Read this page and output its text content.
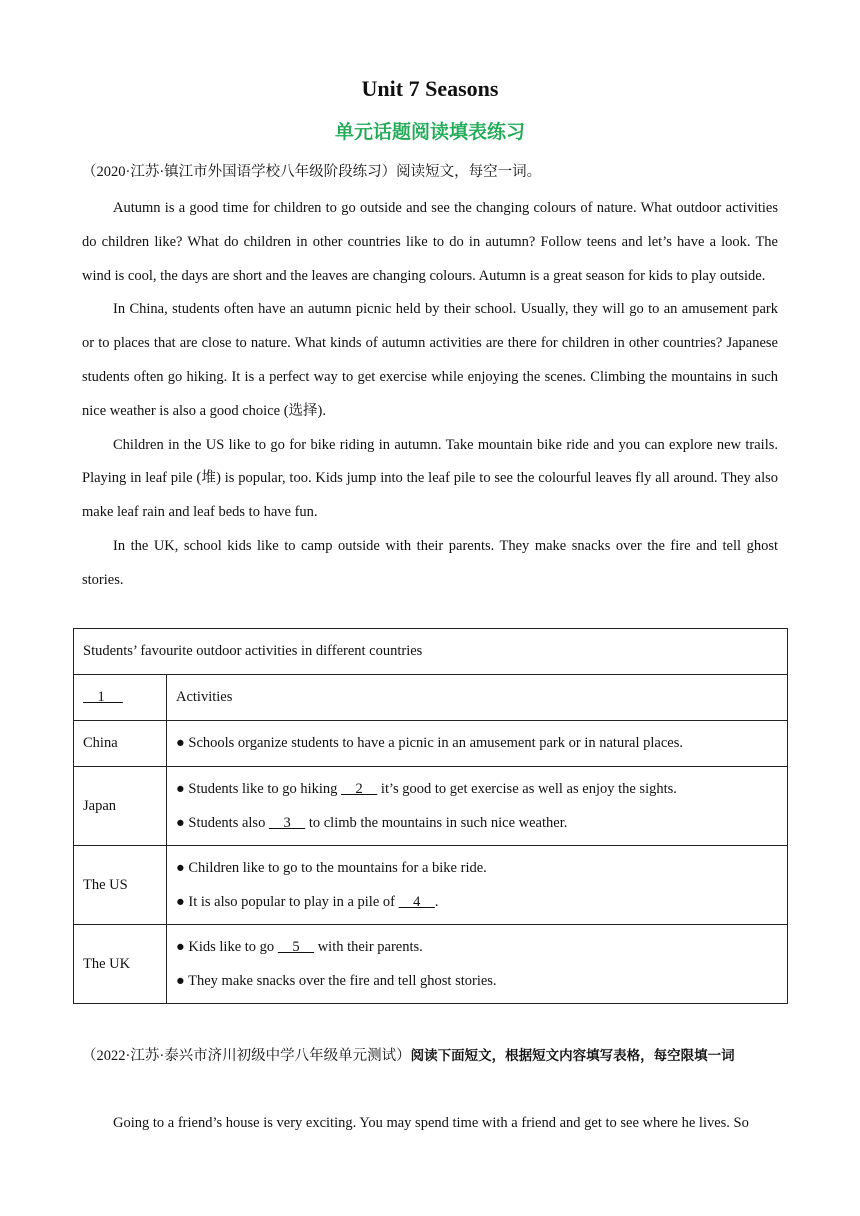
Unit 7 Seasons
单元话题阅读填表练习
（2020·江苏·镇江市外国语学校八年级阶段练习）阅读短文，每空一词。

Autumn is a good time for children to go outside and see the changing colours of nature. What outdoor activities do children like? What do children in other countries like to do in autumn? Follow teens and let’s have a look. The wind is cool, the days are short and the leaves are changing colours. Autumn is a great season for kids to play outside.

In China, students often have an autumn picnic held by their school. Usually, they will go to an amusement park or to places that are close to nature. What kinds of autumn activities are there for children in other countries? Japanese students often go hiking. It is a perfect way to get exercise while enjoying the scenes. Climbing the mountains in such nice weather is also a good choice (选择).

Children in the US like to go for bike riding in autumn. Take mountain bike ride and you can explore new trails. Playing in leaf pile (堆) is popular, too. Kids jump into the leaf pile to see the colourful leaves fly all around. They also make leaf rain and leaf beds to have fun.

In the UK, school kids like to camp outside with their parents. They make snacks over the fire and tell ghost stories.

Students’ favourite outdoor activities in different countries	
1	Activities
China	● Schools organize students to have a picnic in an amusement park or in natural places.
Japan	● Students like to go hiking     2     it’s good to get exercise as well as enjoy the sights.
● Students also     3     to climb the mountains in such nice weather.

The US	● Children like to go to the mountains for a bike ride.
● It is also popular to play in a pile of     4    .

The UK	● Kids like to go     5     with their parents.
● They make snacks over the fire and tell ghost stories.
（2022·江苏·泰兴市济川初级中学八年级单元测试）阅读下面短文，根据短文内容填写表格，每空限填一词

Going to a friend’s house is very exciting. You may spend time with a friend and get to see where he lives. So
